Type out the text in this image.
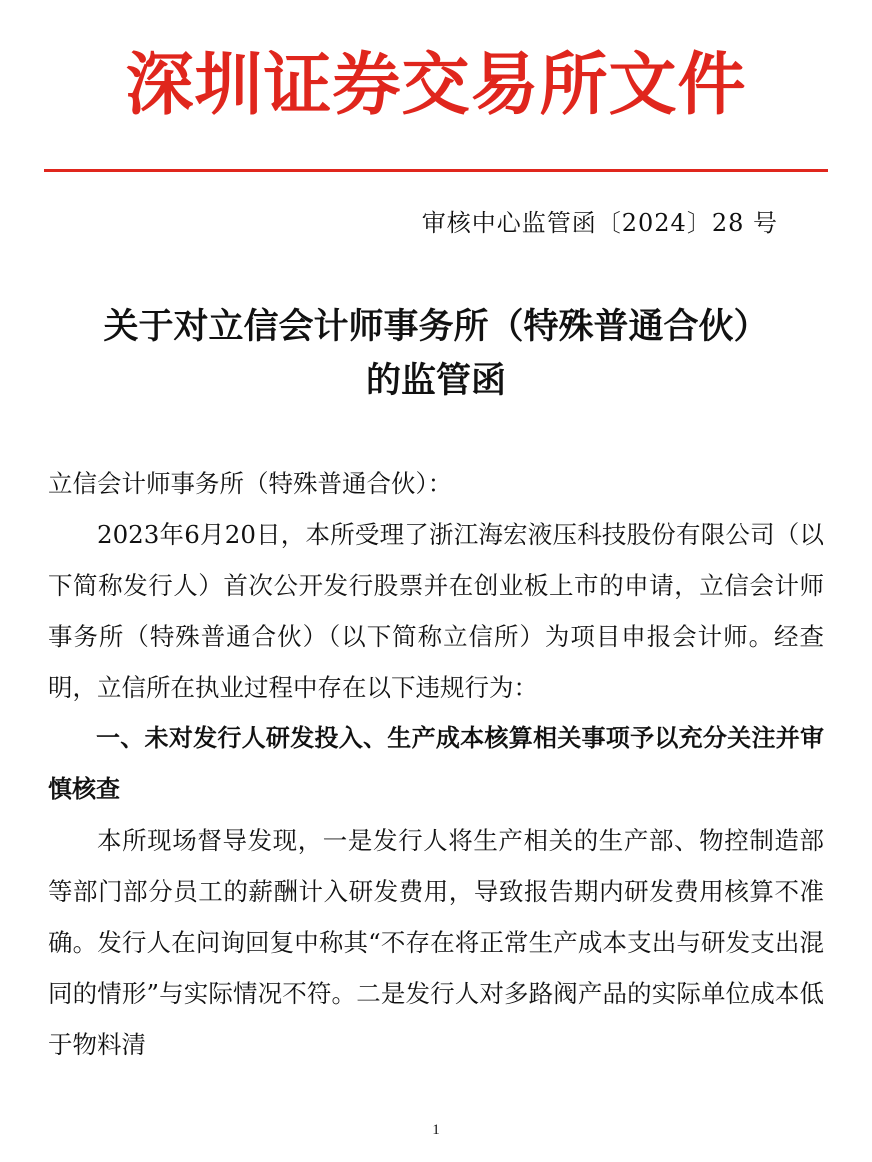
深圳证券交易所文件
审核中心监管函〔2024〕28 号
关于对立信会计师事务所（特殊普通合伙）
的监管函

立信会计师事务所（特殊普通合伙）：

2023年6月20日，本所受理了浙江海宏液压科技股份有限公司（以下简称发行人）首次公开发行股票并在创业板上市的申请，立信会计师事务所（特殊普通合伙）（以下简称立信所）为项目申报会计师。经查明，立信所在执业过程中存在以下违规行为：

一、未对发行人研发投入、生产成本核算相关事项予以充分关注并审慎核查

本所现场督导发现，一是发行人将生产相关的生产部、物控制造部等部门部分员工的薪酬计入研发费用，导致报告期内研发费用核算不准确。发行人在问询回复中称其“不存在将正常生产成本支出与研发支出混同的情形”与实际情况不符。二是发行人对多路阀产品的实际单位成本低于物料清

1
